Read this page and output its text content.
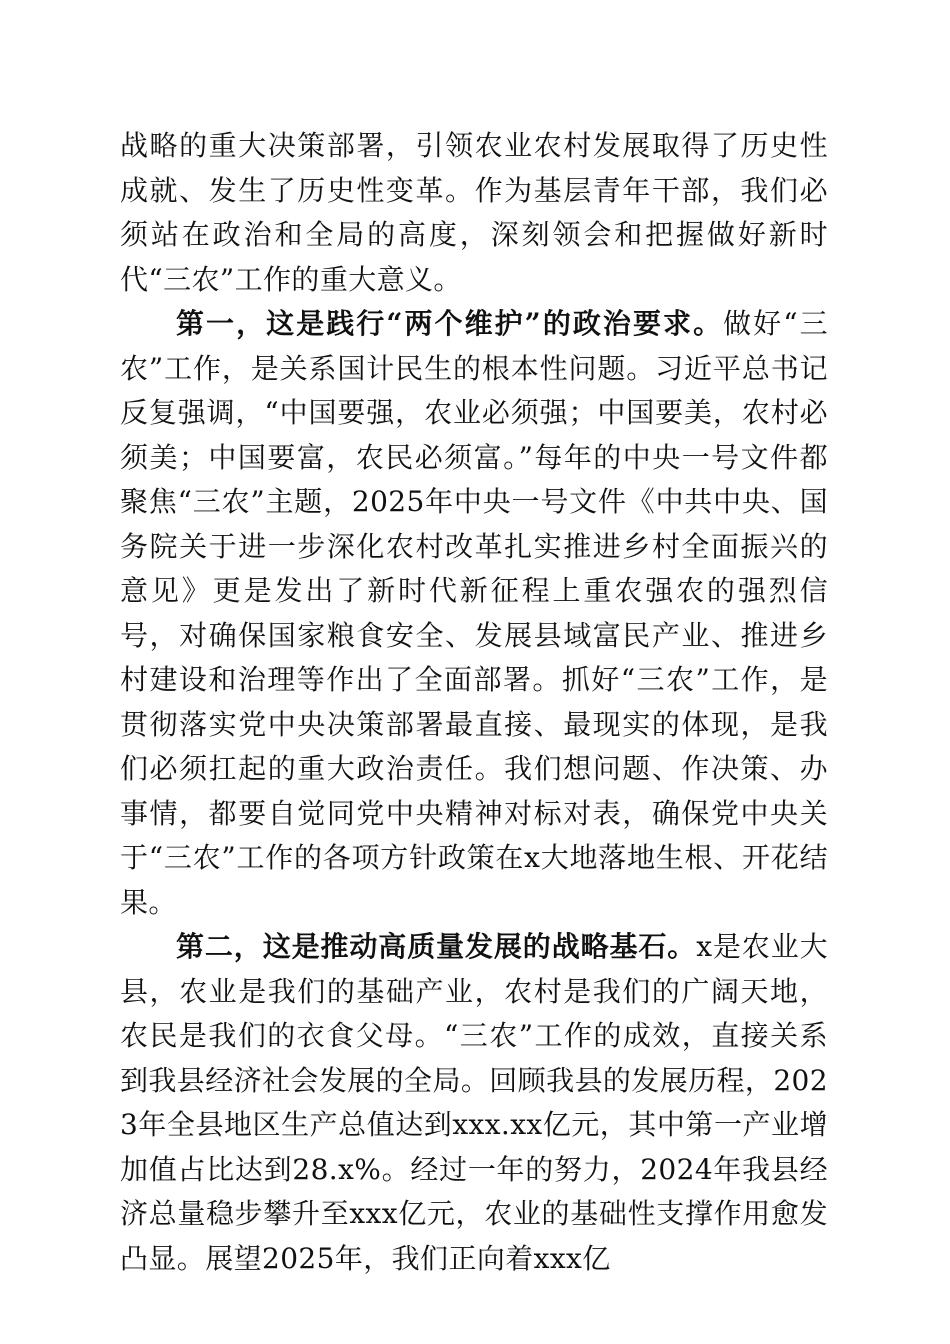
战略的重大决策部署，引领农业农村发展取得了历史性成就、发生了历史性变革。作为基层青年干部，我们必须站在政治和全局的高度，深刻领会和把握做好新时代“三农”工作的重大意义。

第一，这是践行“两个维护”的政治要求。做好“三农”工作，是关系国计民生的根本性问题。习近平总书记反复强调，“中国要强，农业必须强；中国要美，农村必须美；中国要富，农民必须富。”每年的中央一号文件都聚焦“三农”主题，2025年中央一号文件《中共中央、国务院关于进一步深化农村改革扎实推进乡村全面振兴的意见》更是发出了新时代新征程上重农强农的强烈信号，对确保国家粮食安全、发展县域富民产业、推进乡村建设和治理等作出了全面部署。抓好“三农”工作，是贯彻落实党中央决策部署最直接、最现实的体现，是我们必须扛起的重大政治责任。我们想问题、作决策、办事情，都要自觉同党中央精神对标对表，确保党中央关于“三农”工作的各项方针政策在x大地落地生根、开花结果。

第二，这是推动高质量发展的战略基石。x是农业大县，农业是我们的基础产业，农村是我们的广阔天地，农民是我们的衣食父母。“三农”工作的成效，直接关系到我县经济社会发展的全局。回顾我县的发展历程，2023年全县地区生产总值达到xxx.xx亿元，其中第一产业增加值占比达到28.x%。经过一年的努力，2024年我县经济总量稳步攀升至xxx亿元，农业的基础性支撑作用愈发凸显。展望2025年，我们正向着xxx亿
